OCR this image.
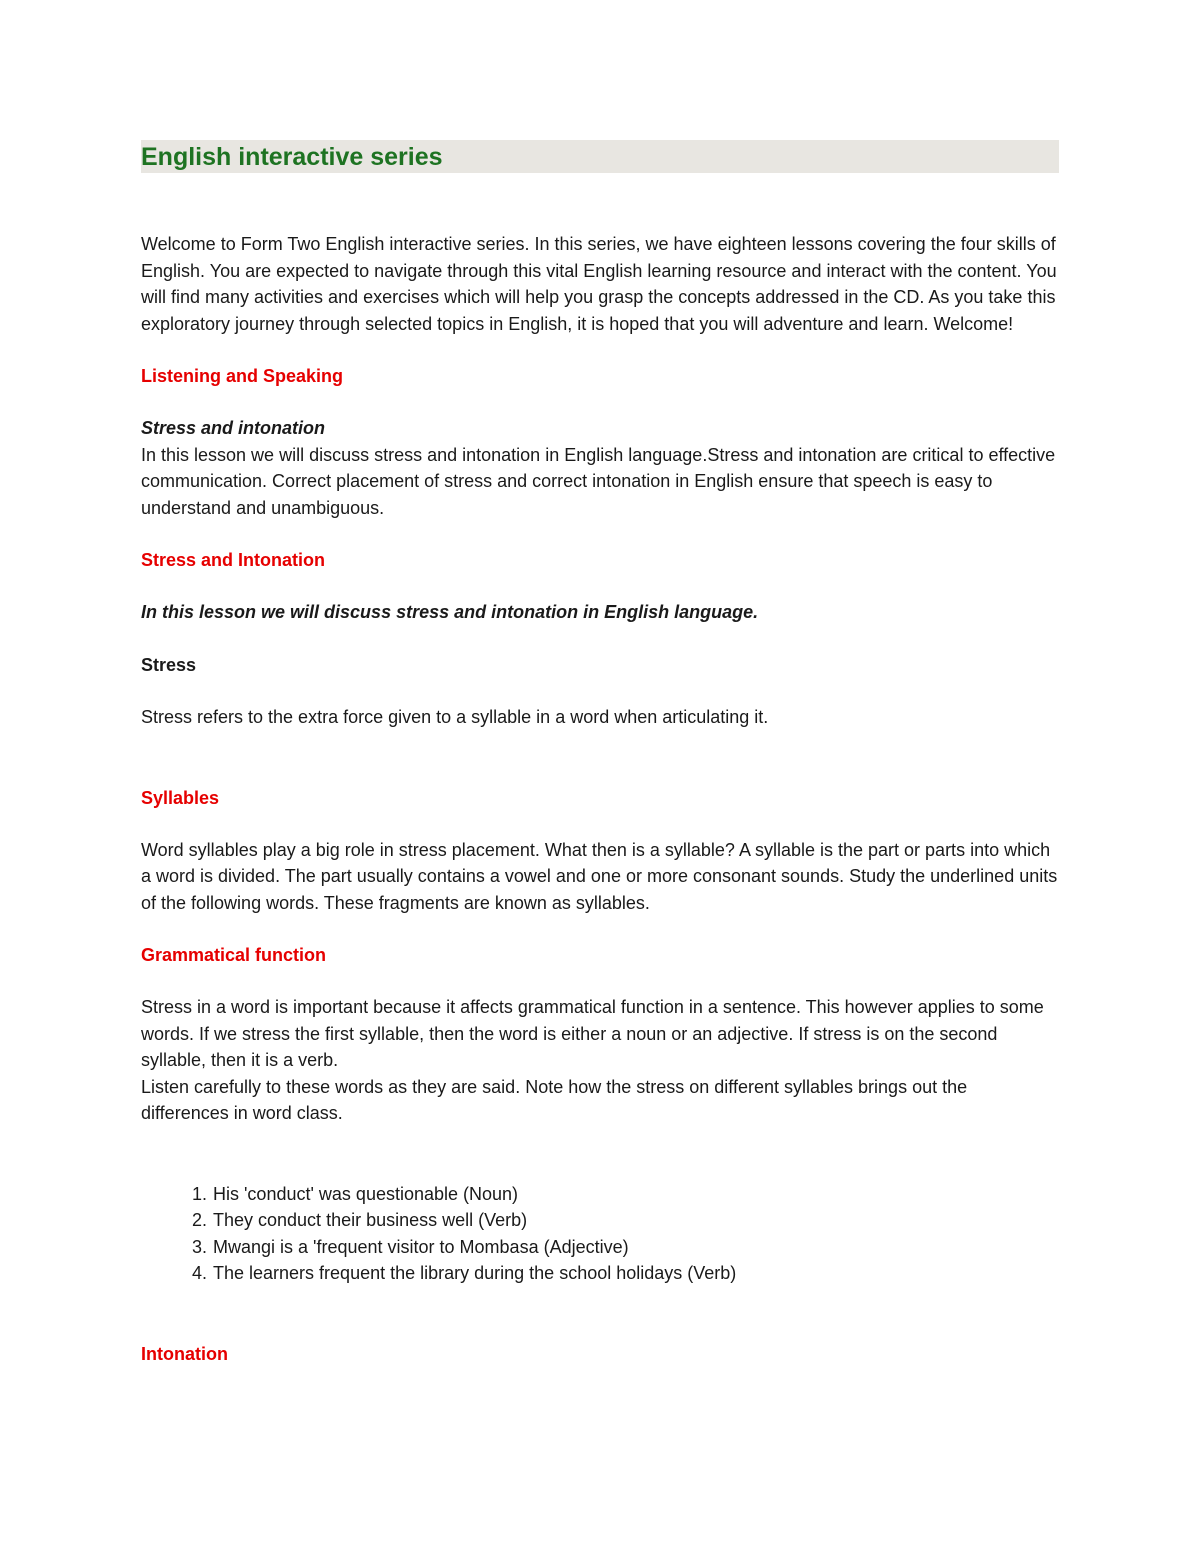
English interactive series

Welcome to Form Two English interactive series. In this series, we have eighteen lessons covering the four skills of English. You are expected to navigate through this vital English learning resource and interact with the content. You will find many activities and exercises which will help you grasp the concepts addressed in the CD. As you take this exploratory journey through selected topics in English, it is hoped that you will adventure and learn. Welcome!

Listening and Speaking

Stress and intonation

In this lesson we will discuss stress and intonation in English language.Stress and intonation are critical to effective communication. Correct placement of stress and correct intonation in English ensure that speech is easy to understand and unambiguous.

Stress and Intonation

In this lesson we will discuss stress and intonation in English language.

Stress

Stress refers to the extra force given to a syllable in a word when articulating it.

Syllables

Word syllables play a big role in stress placement. What then is a syllable? A syllable is the part or parts into which a word is divided. The part usually contains a vowel and one or more consonant sounds. Study the underlined units of the following words. These fragments are known as syllables.

Grammatical function

Stress in a word is important because it affects grammatical function in a sentence. This however applies to some words. If we stress the first syllable, then the word is either a noun or an adjective. If stress is on the second syllable, then it is a verb.

Listen carefully to these words as they are said. Note how the stress on different syllables brings out the differences in word class.

1. His 'conduct' was questionable (Noun)
2. They conduct their business well (Verb)
3. Mwangi is a 'frequent visitor to Mombasa (Adjective)
4. The learners frequent the library during the school holidays (Verb)

Intonation
